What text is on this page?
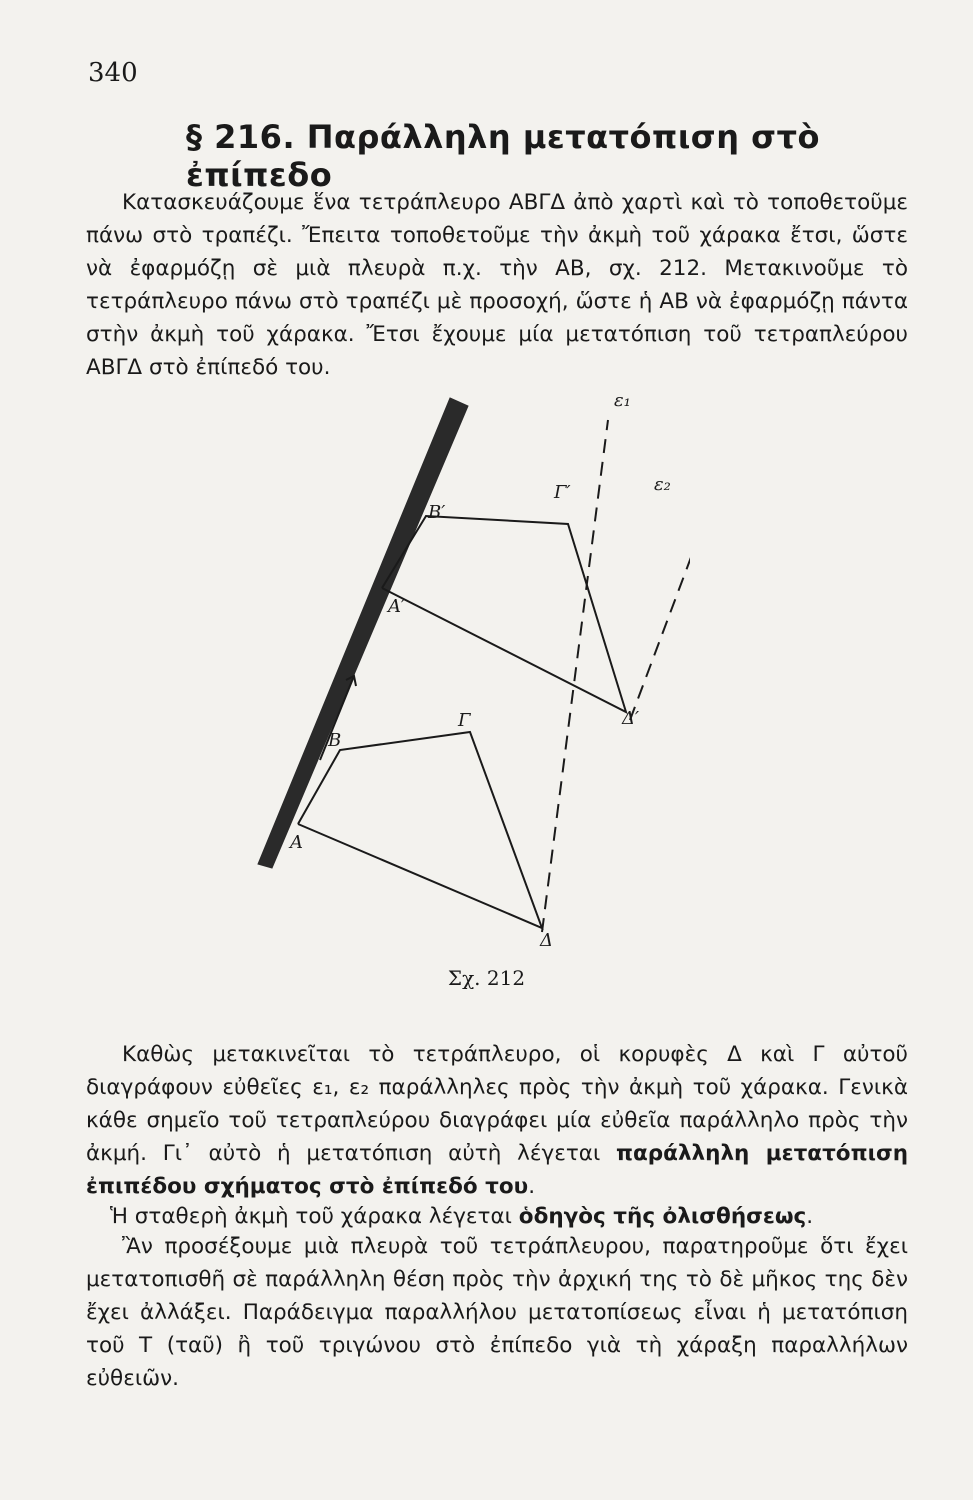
340
§ 216. Παράλληλη μετατόπιση στὸ ἐπίπεδο
Κατασκευάζουμε ἕνα τετράπλευρο ΑΒΓΔ ἀπὸ χαρτὶ καὶ τὸ τοποθετοῦμε πάνω στὸ τραπέζι. Ἔπειτα τοποθετοῦμε τὴν ἀκμὴ τοῦ χάρακα ἔτσι, ὥστε νὰ ἐφαρμόζῃ σὲ μιὰ πλευρὰ π.χ. τὴν ΑΒ, σχ. 212. Μετακινοῦμε τὸ τετράπλευρο πάνω στὸ τραπέζι μὲ προσοχή, ὥστε ἡ ΑΒ νὰ ἐφαρμόζῃ πάντα στὴν ἀκμὴ τοῦ χάρακα. Ἔτσι ἔχουμε μία μετατόπιση τοῦ τετραπλεύρου ΑΒΓΔ στὸ ἐπίπεδό του.
ε₁
ε₂
B′
Γ′
A′
Δ′
B
Γ
A
Δ
Σχ. 212
Καθὼς μετακινεῖται τὸ τετράπλευρο, οἱ κορυφὲς Δ καὶ Γ αὐτοῦ διαγράφουν εὐθεῖες ε₁, ε₂ παράλληλες πρὸς τὴν ἀκμὴ τοῦ χάρακα. Γενικὰ κάθε σημεῖο τοῦ τετραπλεύρου διαγράφει μία εὐθεῖα παράλληλο πρὸς τὴν ἀκμή. Γι᾽ αὐτὸ ἡ μετατόπιση αὐτὴ λέγεται παράλληλη μετατόπιση ἐπιπέδου σχήματος στὸ ἐπίπεδό του.
Ἡ σταθερὴ ἀκμὴ τοῦ χάρακα λέγεται ὁδηγὸς τῆς ὀλισθήσεως.
Ἂν προσέξουμε μιὰ πλευρὰ τοῦ τετράπλευρου, παρατηροῦμε ὅτι ἔχει μετατοπισθῆ σὲ παράλληλη θέση πρὸς τὴν ἀρχική της τὸ δὲ μῆκος της δὲν ἔχει ἀλλάξει. Παράδειγμα παραλλήλου μετατοπίσεως εἶναι ἡ μετατόπιση τοῦ Τ (ταῦ) ἢ τοῦ τριγώνου στὸ ἐπίπεδο γιὰ τὴ χάραξη παραλλήλων εὐθειῶν.
